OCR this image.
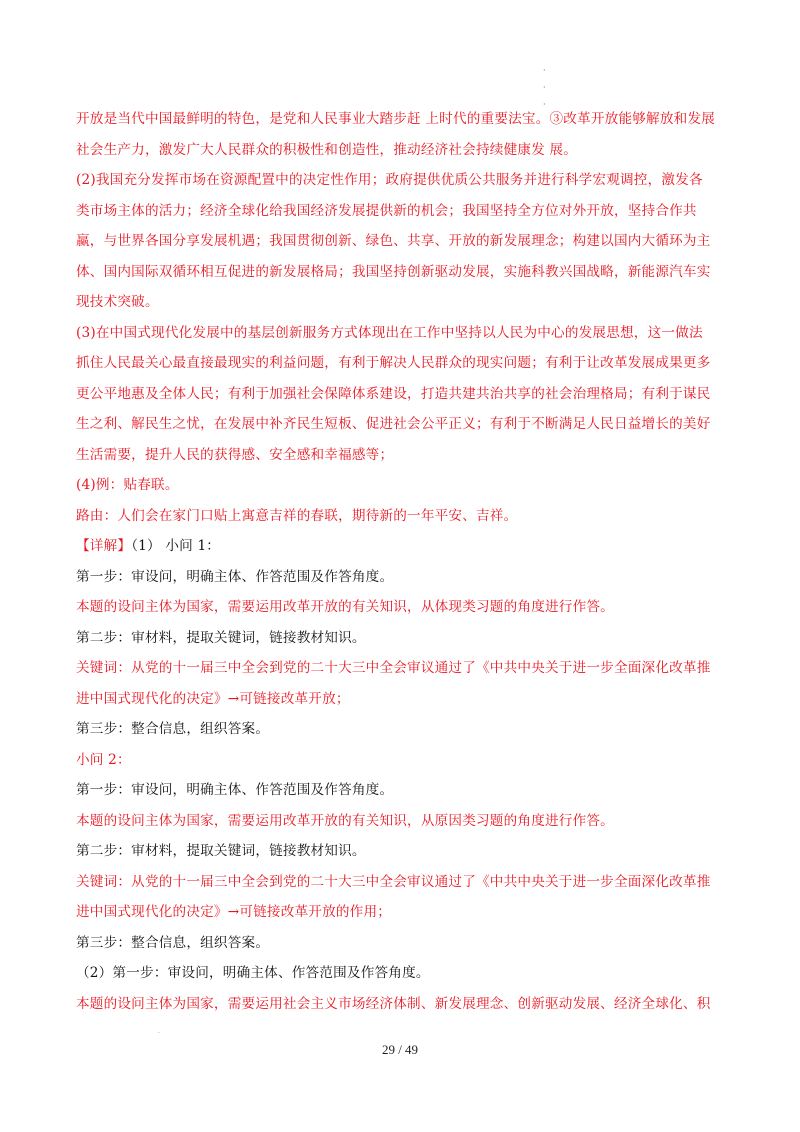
·
·
·
开放是当代中国最鲜明的特色，是党和人民事业大踏步赶 上时代的重要法宝。③改革开放能够解放和发展
社会生产力，激发广大人民群众的积极性和创造性，推动经济社会持续健康发 展。
(2)我国充分发挥市场在资源配置中的决定性作用；政府提供优质公共服务并进行科学宏观调控，激发各
类市场主体的活力；经济全球化给我国经济发展提供新的机会；我国坚持全方位对外开放，坚持合作共
赢，与世界各国分享发展机遇；我国贯彻创新、绿色、共享、开放的新发展理念；构建以国内大循环为主
体、国内国际双循环相互促进的新发展格局；我国坚持创新驱动发展，实施科教兴国战略，新能源汽车实
现技术突破。
(3)在中国式现代化发展中的基层创新服务方式体现出在工作中坚持以人民为中心的发展思想，这一做法
抓住人民最关心最直接最现实的利益问题，有利于解决人民群众的现实问题；有利于让改革发展成果更多
更公平地惠及全体人民；有利于加强社会保障体系建设，打造共建共治共享的社会治理格局；有利于谋民
生之利、解民生之忧，在发展中补齐民生短板、促进社会公平正义；有利于不断满足人民日益增长的美好
生活需要，提升人民的获得感、安全感和幸福感等；
(4)例：贴春联。
路由：人们会在家门口贴上寓意吉祥的春联，期待新的一年平安、吉祥。
【详解】（1） 小问 1：
第一步：审设问，明确主体、作答范围及作答角度。
本题的设问主体为国家，需要运用改革开放的有关知识，从体现类习题的角度进行作答。
第二步：审材料，提取关键词，链接教材知识。
关键词：从党的十一届三中全会到党的二十大三中全会审议通过了《中共中央关于进一步全面深化改革推
进中国式现代化的决定》→可链接改革开放；
第三步：整合信息，组织答案。
小问 2：
第一步：审设问，明确主体、作答范围及作答角度。
本题的设问主体为国家，需要运用改革开放的有关知识，从原因类习题的角度进行作答。
第二步：审材料，提取关键词，链接教材知识。
关键词：从党的十一届三中全会到党的二十大三中全会审议通过了《中共中央关于进一步全面深化改革推
进中国式现代化的决定》→可链接改革开放的作用；
第三步：整合信息，组织答案。
（2）第一步：审设问，明确主体、作答范围及作答角度。
本题的设问主体为国家，需要运用社会主义市场经济体制、新发展理念、创新驱动发展、经济全球化、积
·
29 / 49
